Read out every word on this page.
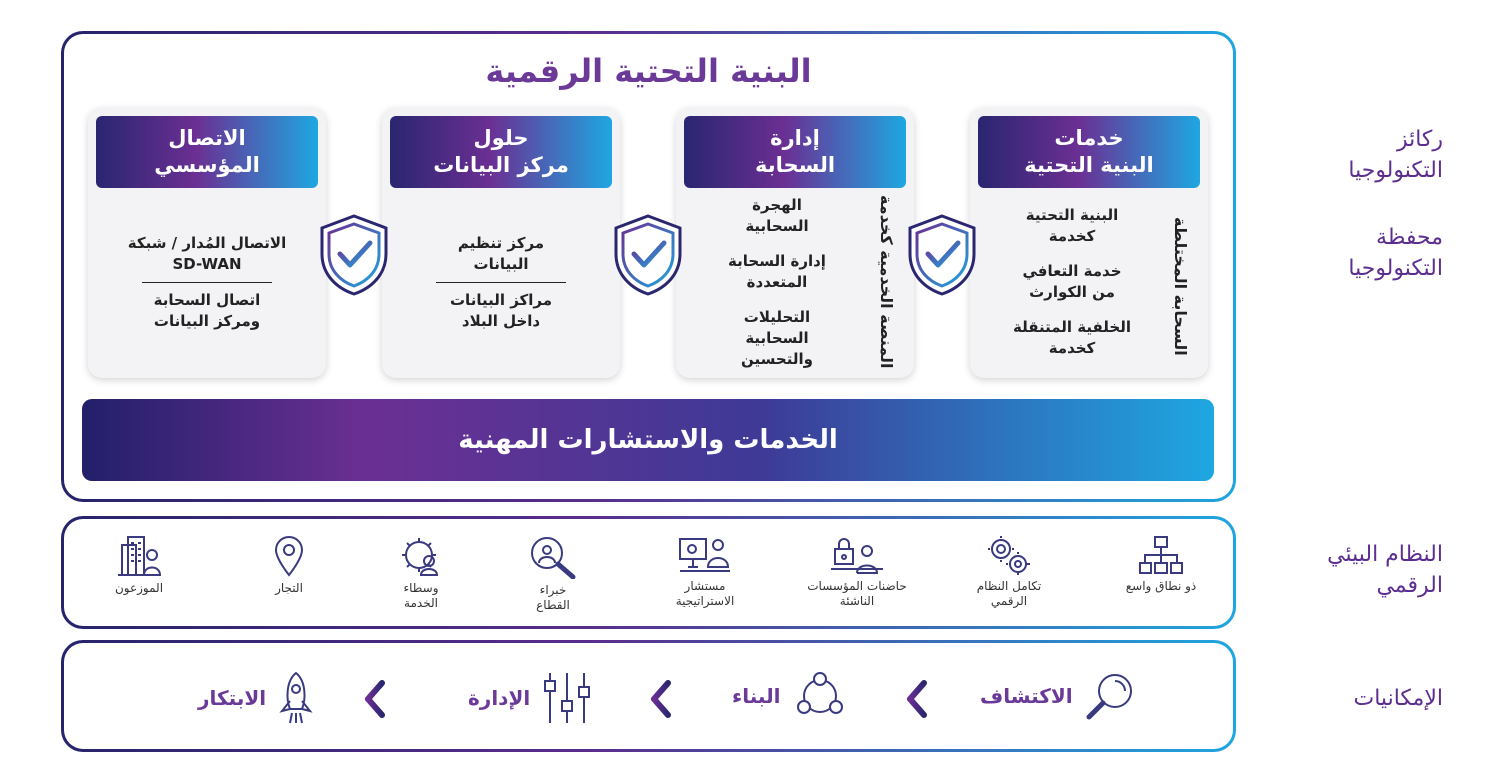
ركائز
التكنولوجيا
محفظة
التكنولوجيا
النظام البيئي
الرقمي
الإمكانيات
البنية التحتية الرقمية
خدمات
البنية التحتية
السحابة المختلطة
البنية التحتية كخدمة
خدمة التعافي من الكوارث
الخلفية المتنقلة كخدمة
إدارة
السحابة
المنصة الخدمية كخدمة
الهجرة السحابية
إدارة السحابة المتعددة
التحليلات السحابية والتحسين
حلول
مركز البيانات
مركز تنظيم البيانات
مراكز البيانات داخل البلاد
الاتصال
المؤسسي
الاتصال المُدار / شبكة SD-WAN
اتصال السحابة ومركز البيانات
الخدمات والاستشارات المهنية
ذو نطاق واسع
تكامل النظام الرقمي
حاضنات المؤسسات الناشئة
مستشار الاستراتيجية
خبراء القطاع
وسطاء الخدمة
التجار
الموزعون
الاكتشاف
البناء
الإدارة
الابتكار
